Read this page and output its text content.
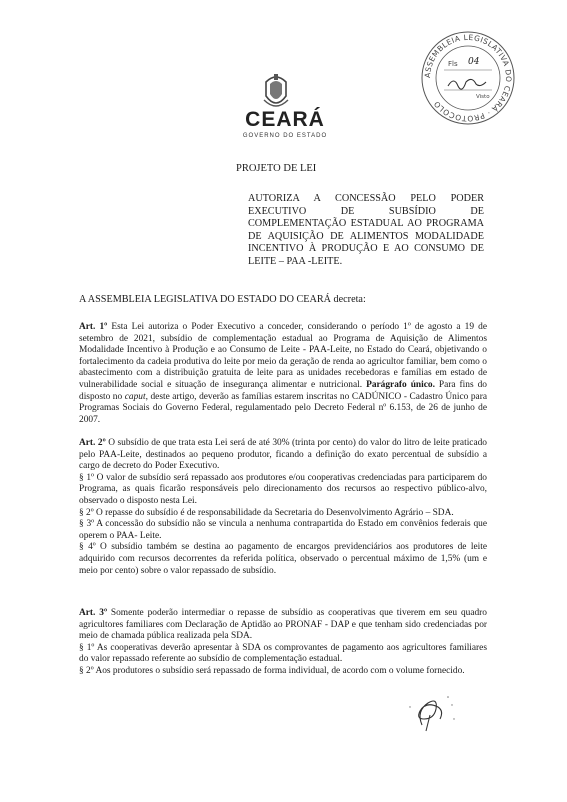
CEARÁ
GOVERNO DO ESTADO
ASSEMBLEIA LEGISLATIVA DO CEARÁ · PROTOCOLO
Fls 04
Visto
PROJETO DE LEI
AUTORIZA A CONCESSÃO PELO PODER EXECUTIVO DE SUBSÍDIO DE COMPLEMENTAÇÃO ESTADUAL AO PROGRAMA DE AQUISIÇÃO DE ALIMENTOS MODALIDADE INCENTIVO À PRODUÇÃO E AO CONSUMO DE LEITE – PAA -LEITE.
A ASSEMBLEIA LEGISLATIVA DO ESTADO DO CEARÁ decreta:

Art. 1º Esta Lei autoriza o Poder Executivo a conceder, considerando o período 1º de agosto a 19 de setembro de 2021, subsídio de complementação estadual ao Programa de Aquisição de Alimentos Modalidade Incentivo à Produção e ao Consumo de Leite - PAA-Leite, no Estado do Ceará, objetivando o fortalecimento da cadeia produtiva do leite por meio da geração de renda ao agricultor familiar, bem como o abastecimento com a distribuição gratuita de leite para as unidades recebedoras e famílias em estado de vulnerabilidade social e situação de insegurança alimentar e nutricional. Parágrafo único. Para fins do disposto no caput, deste artigo, deverão as famílias estarem inscritas no CADÚNICO - Cadastro Único para Programas Sociais do Governo Federal, regulamentado pelo Decreto Federal nº 6.153, de 26 de junho de 2007.

Art. 2º O subsídio de que trata esta Lei será de até 30% (trinta por cento) do valor do litro de leite praticado pelo PAA-Leite, destinados ao pequeno produtor, ficando a definição do exato percentual de subsídio a cargo de decreto do Poder Executivo.

§ 1º O valor de subsídio será repassado aos produtores e/ou cooperativas credenciadas para participarem do Programa, as quais ficarão responsáveis pelo direcionamento dos recursos ao respectivo público-alvo, observado o disposto nesta Lei.

§ 2º O repasse do subsídio é de responsabilidade da Secretaria do Desenvolvimento Agrário – SDA.

§ 3º A concessão do subsídio não se vincula a nenhuma contrapartida do Estado em convênios federais que operem o PAA- Leite.

§ 4º O subsídio também se destina ao pagamento de encargos previdenciários aos produtores de leite adquirido com recursos decorrentes da referida política, observado o percentual máximo de 1,5% (um e meio por cento) sobre o valor repassado de subsídio.

Art. 3º Somente poderão intermediar o repasse de subsídio as cooperativas que tiverem em seu quadro agricultores familiares com Declaração de Aptidão ao PRONAF - DAP e que tenham sido credenciadas por meio de chamada pública realizada pela SDA.

§ 1º As cooperativas deverão apresentar à SDA os comprovantes de pagamento aos agricultores familiares do valor repassado referente ao subsídio de complementação estadual.

§ 2º Aos produtores o subsídio será repassado de forma individual, de acordo com o volume fornecido.
